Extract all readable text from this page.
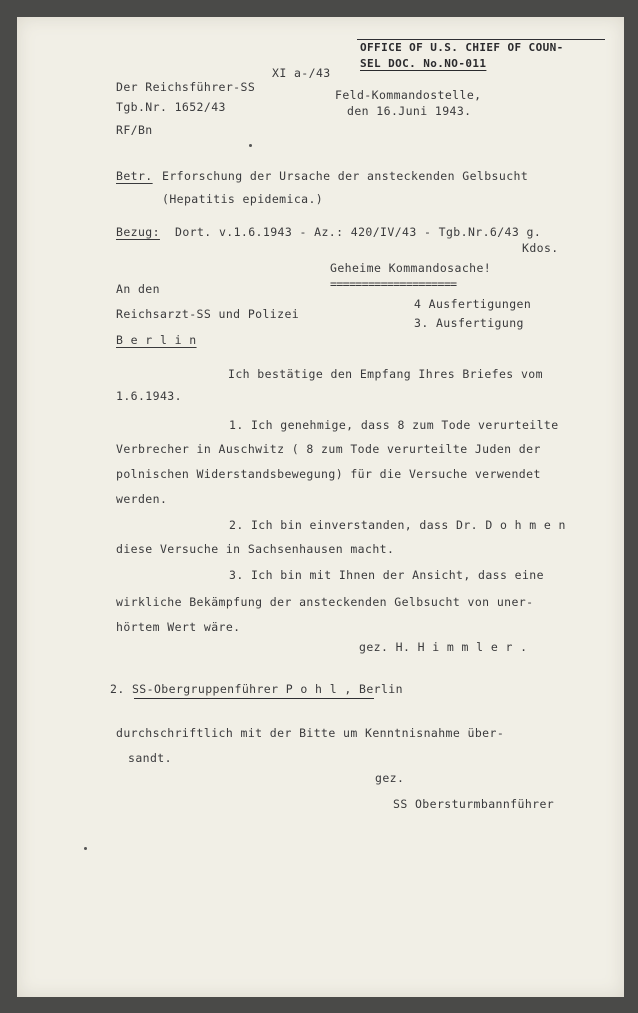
OFFICE OF U.S. CHIEF OF COUN-
SEL DOC. No.NO-011
XI a-/43
Der Reichsführer-SS
Tgb.Nr. 1652/43
RF/Bn
Feld-Kommandostelle,
den 16.Juni 1943.
Betr. Erforschung der Ursache der ansteckenden Gelbsucht
(Hepatitis epidemica.)
Bezug: Dort. v.1.6.1943 - Az.: 420/IV/43 - Tgb.Nr.6/43 g.
Kdos.
Geheime Kommandosache!
====================
4 Ausfertigungen
3. Ausfertigung
An den
Reichsarzt-SS und Polizei
B e r l i n
Ich bestätige den Empfang Ihres Briefes vom
1.6.1943.
1. Ich genehmige, dass 8 zum Tode verurteilte
Verbrecher in Auschwitz ( 8 zum Tode verurteilte Juden der
polnischen Widerstandsbewegung) für die Versuche verwendet
werden.
2. Ich bin einverstanden, dass Dr. D o h m e n
diese Versuche in Sachsenhausen macht.
3. Ich bin mit Ihnen der Ansicht, dass eine
wirkliche Bekämpfung der ansteckenden Gelbsucht von uner-
hörtem Wert wäre.
gez. H. H i m m l e r .
2. SS-Obergruppenführer P o h l , Berlin
durchschriftlich mit der Bitte um Kenntnisnahme über-
sandt.
gez.
SS Obersturmbannführer
